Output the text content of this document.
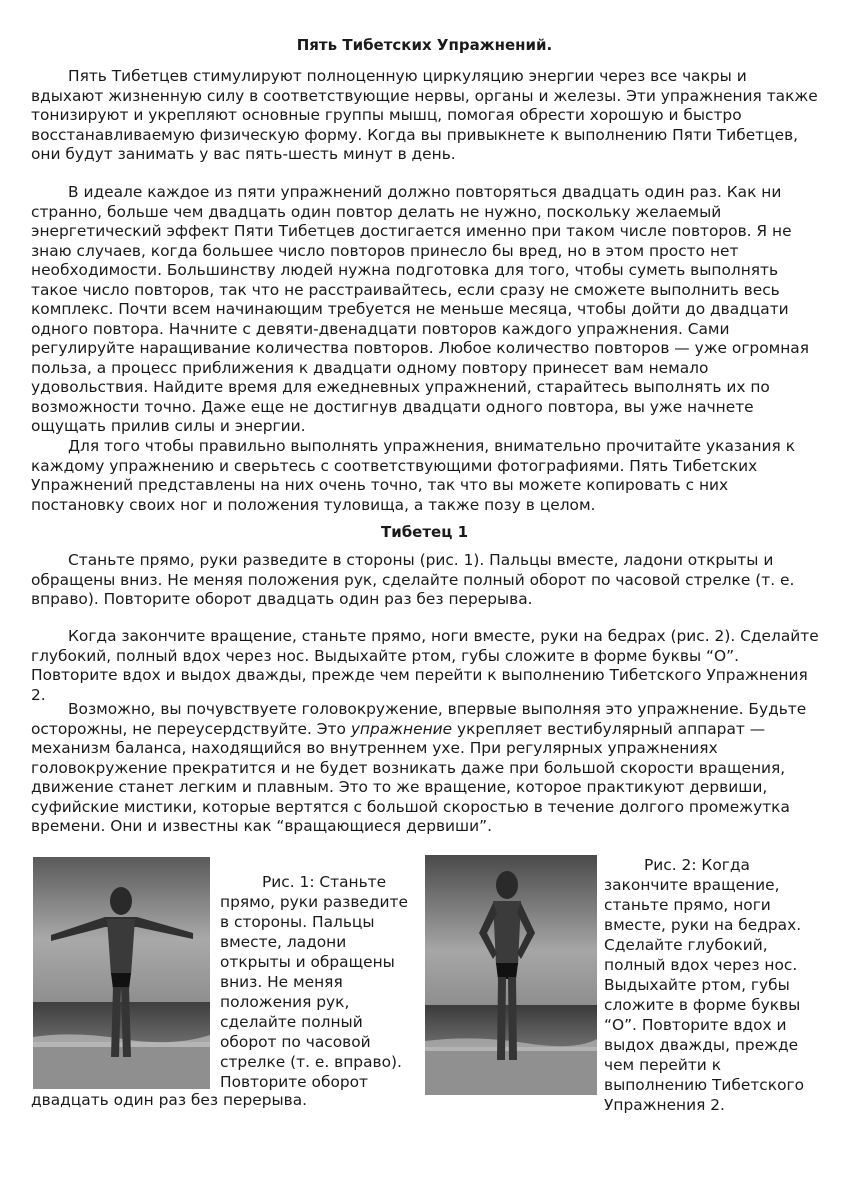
Пять Тибетских Упражнений.

Пять Тибетцев стимулируют полноценную циркуляцию энергии через все чакры и вдыхают жизненную силу в соответствующие нервы, органы и железы. Эти упражнения также тонизируют и укрепляют основные группы мышц, помогая обрести хорошую и быстро восстанавливаемую физическую форму. Когда вы привыкнете к выполнению Пяти Тибетцев, они будут занимать у вас пять-шесть минут в день.

В идеале каждое из пяти упражнений должно повторяться двадцать один раз. Как ни странно, больше чем двадцать один повтор делать не нужно, поскольку желаемый энергетический эффект Пяти Тибетцев достигается именно при таком числе повторов. Я не знаю случаев, когда большее число повторов принесло бы вред, но в этом просто нет необходимости. Большинству людей нужна подготовка для того, чтобы суметь выполнять такое число повторов, так что не расстраивайтесь, если сразу не сможете выполнить весь комплекс. Почти всем начинающим требуется не меньше месяца, чтобы дойти до двадцати одного повтора. Начните с девяти-двенадцати повторов каждого упражнения. Сами регулируйте наращивание количества повторов. Любое количество повторов — уже огромная польза, а процесс приближения к двадцати одному повтору принесет вам немало удовольствия. Найдите время для ежедневных упражнений, старайтесь выполнять их по возможности точно. Даже еще не достигнув двадцати одного повтора, вы уже начнете ощущать прилив силы и энергии.

Для того чтобы правильно выполнять упражнения, внимательно прочитайте указания к каждому упражнению и сверьтесь с соответствующими фотографиями. Пять Тибетских Упражнений представлены на них очень точно, так что вы можете копировать с них постановку своих ног и положения туловища, а также позу в целом.

Тибетец 1

Станьте прямо, руки разведите в стороны (рис. 1). Пальцы вместе, ладони открыты и обращены вниз. Не меняя положения рук, сделайте полный оборот по часовой стрелке (т. е. вправо). Повторите оборот двадцать один раз без перерыва.

Когда закончите вращение, станьте прямо, ноги вместе, руки на бедрах (рис. 2). Сделайте глубокий, полный вдох через нос. Выдыхайте ртом, губы сложите в форме буквы “О”. Повторите вдох и выдох дважды, прежде чем перейти к выполнению Тибетского Упражнения 2.

Возможно, вы почувствуете головокружение, впервые выполняя это упражнение. Будьте осторожны, не переусердствуйте. Это упражнение укрепляет вестибулярный аппарат — механизм баланса, находящийся во внутреннем ухе. При регулярных упражнениях головокружение прекратится и не будет возникать даже при большой скорости вращения, движение станет легким и плавным. Это то же вращение, которое практикуют дервиши, суфийские мистики, которые вертятся с большой скоростью в течение долгого промежутка времени. Они и известны как “вращающиеся дервиши”.

Рис. 1: Станьте прямо, руки разведите в стороны. Пальцы вместе, ладони открыты и обращены вниз. Не меняя положения рук, сделайте полный оборот по часовой стрелке (т. е. вправо). Повторите оборот

двадцать один раз без перерыва.

Рис. 2: Когда закончите вращение, станьте прямо, ноги вместе, руки на бедрах. Сделайте глубокий, полный вдох через нос. Выдыхайте ртом, губы сложите в форме буквы “О”. Повторите вдох и выдох дважды, прежде чем перейти к выполнению Тибетского Упражнения 2.
